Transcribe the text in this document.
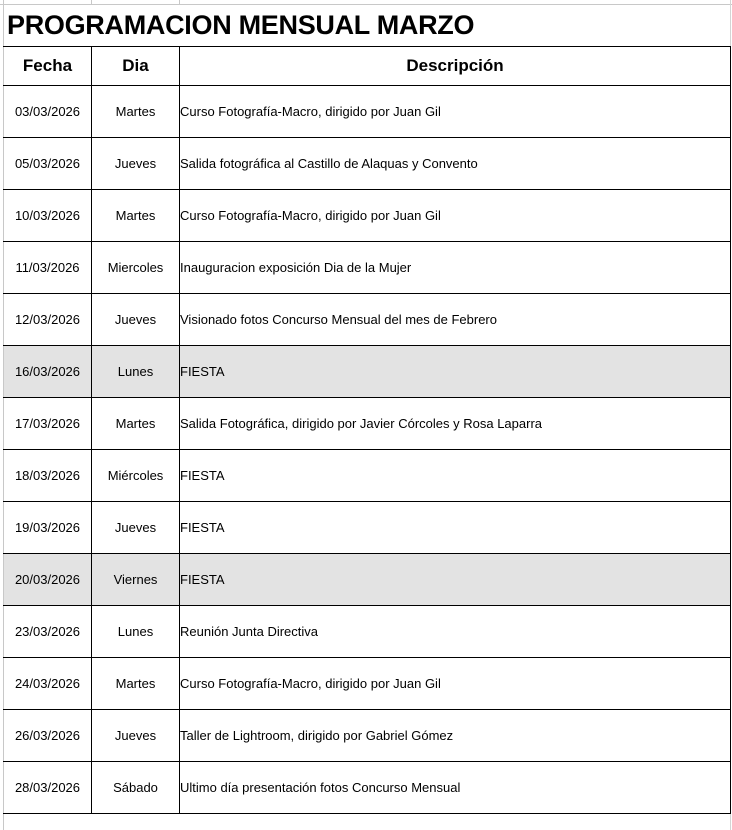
PROGRAMACION MENSUAL MARZO
Fecha	Dia	Descripción
03/03/2026	Martes	Curso Fotografía-Macro, dirigido por Juan Gil
05/03/2026	Jueves	Salida fotográfica al Castillo de Alaquas y Convento
10/03/2026	Martes	Curso Fotografía-Macro, dirigido por Juan Gil
11/03/2026	Miercoles	Inauguracion exposición Dia de la Mujer
12/03/2026	Jueves	Visionado fotos Concurso Mensual del mes de Febrero
16/03/2026	Lunes	FIESTA
17/03/2026	Martes	Salida Fotográfica, dirigido por Javier Córcoles y Rosa Laparra
18/03/2026	Miércoles	FIESTA
19/03/2026	Jueves	FIESTA
20/03/2026	Viernes	FIESTA
23/03/2026	Lunes	Reunión Junta Directiva
24/03/2026	Martes	Curso Fotografía-Macro, dirigido por Juan Gil
26/03/2026	Jueves	Taller de Lightroom, dirigido por Gabriel Gómez
28/03/2026	Sábado	Ultimo día presentación fotos Concurso Mensual
